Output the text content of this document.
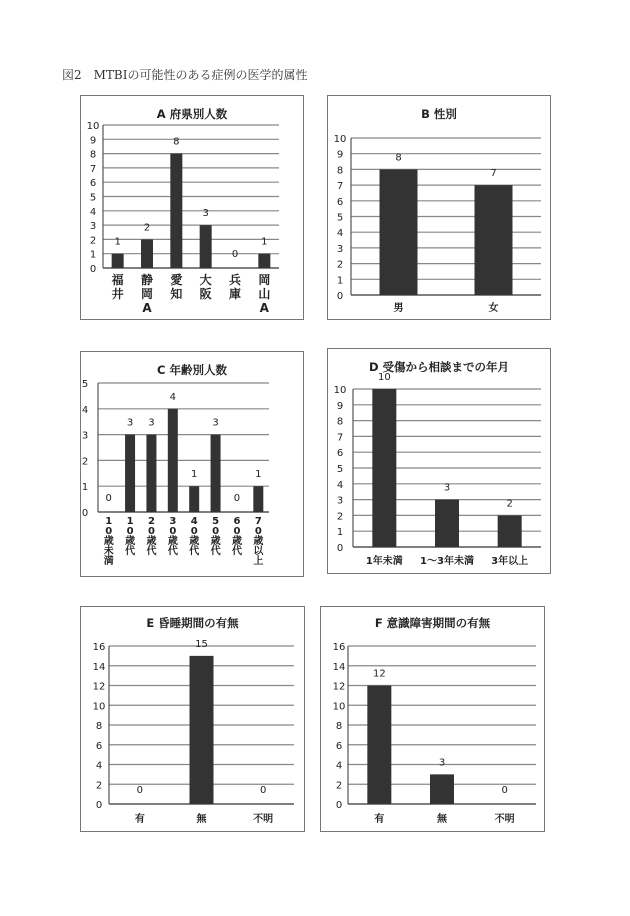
図2　MTBIの可能性のある症例の医学的属性
A 府県別人数
0
1
2
3
4
5
6
7
8
9
10
1
福井
2
静岡 A
8
愛知
3
大阪
0
兵庫
1
岡山 A
B 性別
0
1
2
3
4
5
6
7
8
9
10
8
男
7
女
C 年齢別人数
0
1
2
3
4
5
0
1 0 歳未満
3
1 0 歳代
3
2 0 歳代
4
3 0 歳代
1
4 0 歳代
3
5 0 歳代
0
6 0 歳代
1
7 0 歳以上
D 受傷から相談までの年月
0
1
2
3
4
5
6
7
8
9
10
10
1年未満
3
1～3年未満
2
3年以上
E 昏睡期間の有無
0
2
4
6
8
10
12
14
16
0
有
15
無
0
不明
F 意識障害期間の有無
0
2
4
6
8
10
12
14
16
12
有
3
無
0
不明
